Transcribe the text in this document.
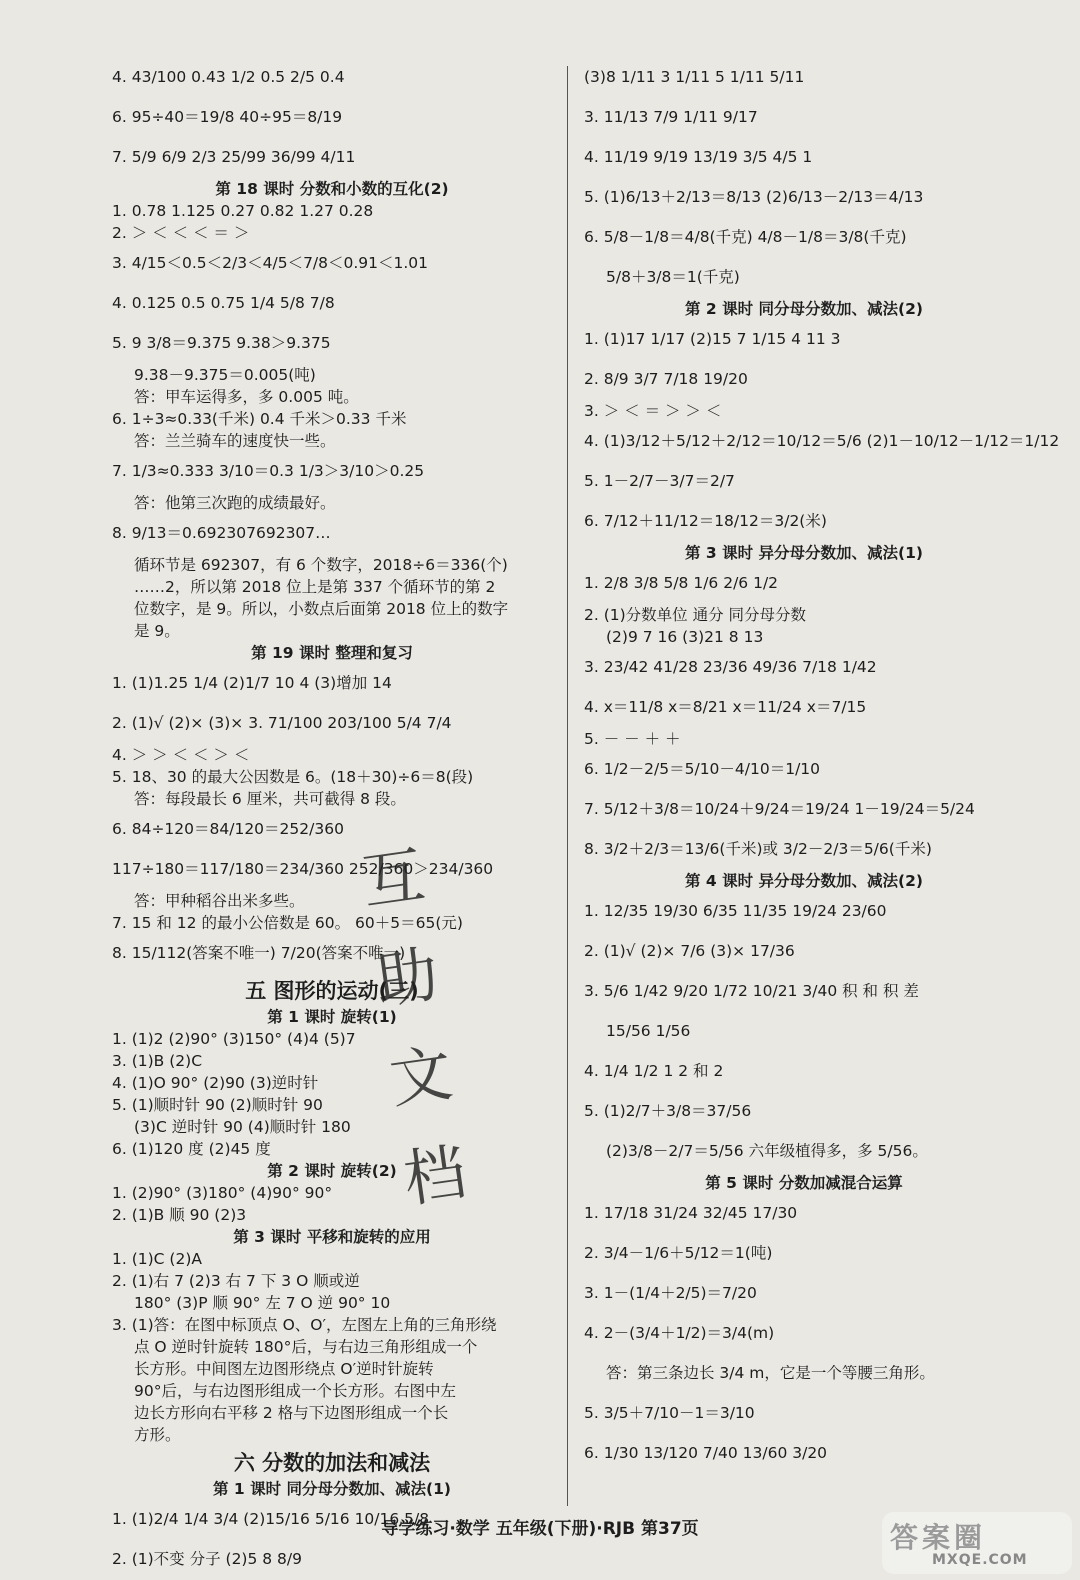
4. 43/100 0.43 1/2 0.5 2/5 0.4
6. 95÷40＝19/8 40÷95＝8/19
7. 5/9 6/9 2/3 25/99 36/99 4/11
第 18 课时 分数和小数的互化(2)
1. 0.78 1.125 0.27 0.82 1.27 0.28
2. ＞ ＜ ＜ ＜ ＝ ＞
3. 4/15＜0.5＜2/3＜4/5＜7/8＜0.91＜1.01
4. 0.125 0.5 0.75 1/4 5/8 7/8
5. 9 3/8＝9.375 9.38＞9.375
9.38－9.375＝0.005(吨)
答：甲车运得多，多 0.005 吨。
6. 1÷3≈0.33(千米) 0.4 千米＞0.33 千米
答：兰兰骑车的速度快一些。
7. 1/3≈0.333 3/10＝0.3 1/3＞3/10＞0.25
答：他第三次跑的成绩最好。
8. 9/13＝0.692307692307…
循环节是 692307，有 6 个数字，2018÷6＝336(个)
……2，所以第 2018 位上是第 337 个循环节的第 2
位数字，是 9。所以，小数点后面第 2018 位上的数字
是 9。
第 19 课时 整理和复习
1. (1)1.25 1/4 (2)1/7 10 4 (3)增加 14
2. (1)√ (2)× (3)× 3. 71/100 203/100 5/4 7/4
4. ＞ ＞ ＜ ＜ ＞ ＜
5. 18、30 的最大公因数是 6。(18＋30)÷6＝8(段)
答：每段最长 6 厘米，共可截得 8 段。
6. 84÷120＝84/120＝252/360
117÷180＝117/180＝234/360 252/360＞234/360
答：甲种稻谷出米多些。
7. 15 和 12 的最小公倍数是 60。 60＋5＝65(元)
8. 15/112(答案不唯一) 7/20(答案不唯一)
五 图形的运动(三)
第 1 课时 旋转(1)
1. (1)2 (2)90° (3)150° (4)4 (5)7
3. (1)B (2)C
4. (1)O 90° (2)90 (3)逆时针
5. (1)顺时针 90 (2)顺时针 90
(3)C 逆时针 90 (4)顺时针 180
6. (1)120 度 (2)45 度
第 2 课时 旋转(2)
1. (2)90° (3)180° (4)90° 90°
2. (1)B 顺 90 (2)3
第 3 课时 平移和旋转的应用
1. (1)C (2)A
2. (1)右 7 (2)3 右 7 下 3 O 顺或逆
180° (3)P 顺 90° 左 7 O 逆 90° 10
3. (1)答：在图中标顶点 O、O′，左图左上角的三角形绕
点 O 逆时针旋转 180°后，与右边三角形组成一个
长方形。中间图左边图形绕点 O′逆时针旋转
90°后，与右边图形组成一个长方形。右图中左
边长方形向右平移 2 格与下边图形组成一个长
方形。
六 分数的加法和减法
第 1 课时 同分母分数加、减法(1)
1. (1)2/4 1/4 3/4 (2)15/16 5/16 10/16 5/8
2. (1)不变 分子 (2)5 8 8/9
(3)8 1/11 3 1/11 5 1/11 5/11
3. 11/13 7/9 1/11 9/17
4. 11/19 9/19 13/19 3/5 4/5 1
5. (1)6/13＋2/13＝8/13 (2)6/13－2/13＝4/13
6. 5/8－1/8＝4/8(千克) 4/8－1/8＝3/8(千克)
5/8＋3/8＝1(千克)
第 2 课时 同分母分数加、减法(2)
1. (1)17 1/17 (2)15 7 1/15 4 11 3
2. 8/9 3/7 7/18 19/20
3. ＞ ＜ ＝ ＞ ＞ ＜
4. (1)3/12＋5/12＋2/12＝10/12＝5/6 (2)1－10/12－1/12＝1/12
5. 1－2/7－3/7＝2/7
6. 7/12＋11/12＝18/12＝3/2(米)
第 3 课时 异分母分数加、减法(1)
1. 2/8 3/8 5/8 1/6 2/6 1/2
2. (1)分数单位 通分 同分母分数
(2)9 7 16 (3)21 8 13
3. 23/42 41/28 23/36 49/36 7/18 1/42
4. x＝11/8 x＝8/21 x＝11/24 x＝7/15
5. － － ＋ ＋
6. 1/2－2/5＝5/10－4/10＝1/10
7. 5/12＋3/8＝10/24＋9/24＝19/24 1－19/24＝5/24
8. 3/2＋2/3＝13/6(千米)或 3/2－2/3＝5/6(千米)
第 4 课时 异分母分数加、减法(2)
1. 12/35 19/30 6/35 11/35 19/24 23/60
2. (1)√ (2)× 7/6 (3)× 17/36
3. 5/6 1/42 9/20 1/72 10/21 3/40 积 和 积 差
15/56 1/56
4. 1/4 1/2 1 2 和 2
5. (1)2/7＋3/8＝37/56
(2)3/8－2/7＝5/56 六年级植得多，多 5/56。
第 5 课时 分数加减混合运算
1. 17/18 31/24 32/45 17/30
2. 3/4－1/6＋5/12＝1(吨)
3. 1－(1/4＋2/5)＝7/20
4. 2－(3/4＋1/2)＝3/4(m)
答：第三条边长 3/4 m，它是一个等腰三角形。
5. 3/5＋7/10－1＝3/10
6. 1/30 13/120 7/40 13/60 3/20
互助文档
导学练习·数学 五年级(下册)·RJB 第37页	答案圈
MXQE.COM
